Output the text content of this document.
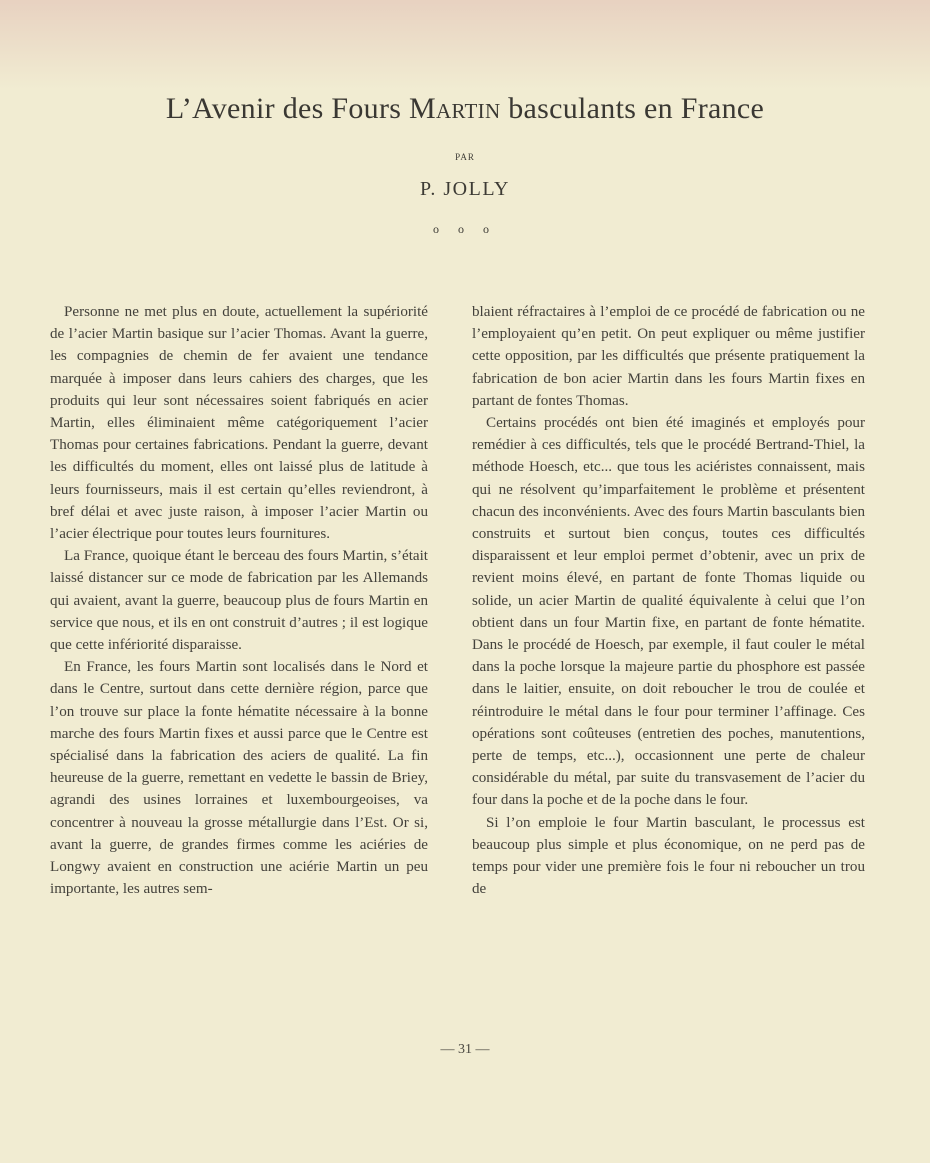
L’Avenir des Fours Martin basculants en France
PAR
P. JOLLY
o o o

Personne ne met plus en doute, actuellement la supériorité de l’acier Martin basique sur l’acier Thomas. Avant la guerre, les compagnies de chemin de fer avaient une tendance marquée à imposer dans leurs cahiers des charges, que les produits qui leur sont nécessaires soient fabriqués en acier Martin, elles éliminaient même catégoriquement l’acier Thomas pour certaines fabrications. Pendant la guerre, devant les difficultés du moment, elles ont laissé plus de latitude à leurs fournisseurs, mais il est certain qu’elles reviendront, à bref délai et avec juste raison, à imposer l’acier Martin ou l’acier électrique pour toutes leurs fournitures.

La France, quoique étant le berceau des fours Martin, s’était laissé distancer sur ce mode de fabrication par les Allemands qui avaient, avant la guerre, beaucoup plus de fours Martin en service que nous, et ils en ont construit d’autres ; il est logique que cette infériorité disparaisse.

En France, les fours Martin sont localisés dans le Nord et dans le Centre, surtout dans cette dernière région, parce que l’on trouve sur place la fonte hématite nécessaire à la bonne marche des fours Martin fixes et aussi parce que le Centre est spécialisé dans la fabrication des aciers de qualité. La fin heureuse de la guerre, remettant en vedette le bassin de Briey, agrandi des usines lorraines et luxembourgeoises, va concentrer à nouveau la grosse métallurgie dans l’Est. Or si, avant la guerre, de grandes firmes comme les aciéries de Longwy avaient en construction une aciérie Martin un peu importante, les autres sem-

blaient réfractaires à l’emploi de ce procédé de fabrication ou ne l’employaient qu’en petit. On peut expliquer ou même justifier cette opposition, par les difficultés que présente pratiquement la fabrication de bon acier Martin dans les fours Martin fixes en partant de fontes Thomas.

Certains procédés ont bien été imaginés et employés pour remédier à ces difficultés, tels que le procédé Bertrand-Thiel, la méthode Hoesch, etc... que tous les aciéristes connaissent, mais qui ne résolvent qu’imparfaitement le problème et présentent chacun des inconvénients. Avec des fours Martin basculants bien construits et surtout bien conçus, toutes ces difficultés disparaissent et leur emploi permet d’obtenir, avec un prix de revient moins élevé, en partant de fonte Thomas liquide ou solide, un acier Martin de qualité équivalente à celui que l’on obtient dans un four Martin fixe, en partant de fonte hématite. Dans le procédé de Hoesch, par exemple, il faut couler le métal dans la poche lorsque la majeure partie du phosphore est passée dans le laitier, ensuite, on doit reboucher le trou de coulée et réintroduire le métal dans le four pour terminer l’affinage. Ces opérations sont coûteuses (entretien des poches, manutentions, perte de temps, etc...), occasionnent une perte de chaleur considérable du métal, par suite du transvasement de l’acier du four dans la poche et de la poche dans le four.

Si l’on emploie le four Martin basculant, le processus est beaucoup plus simple et plus économique, on ne perd pas de temps pour vider une première fois le four ni reboucher un trou de

— 31 —
